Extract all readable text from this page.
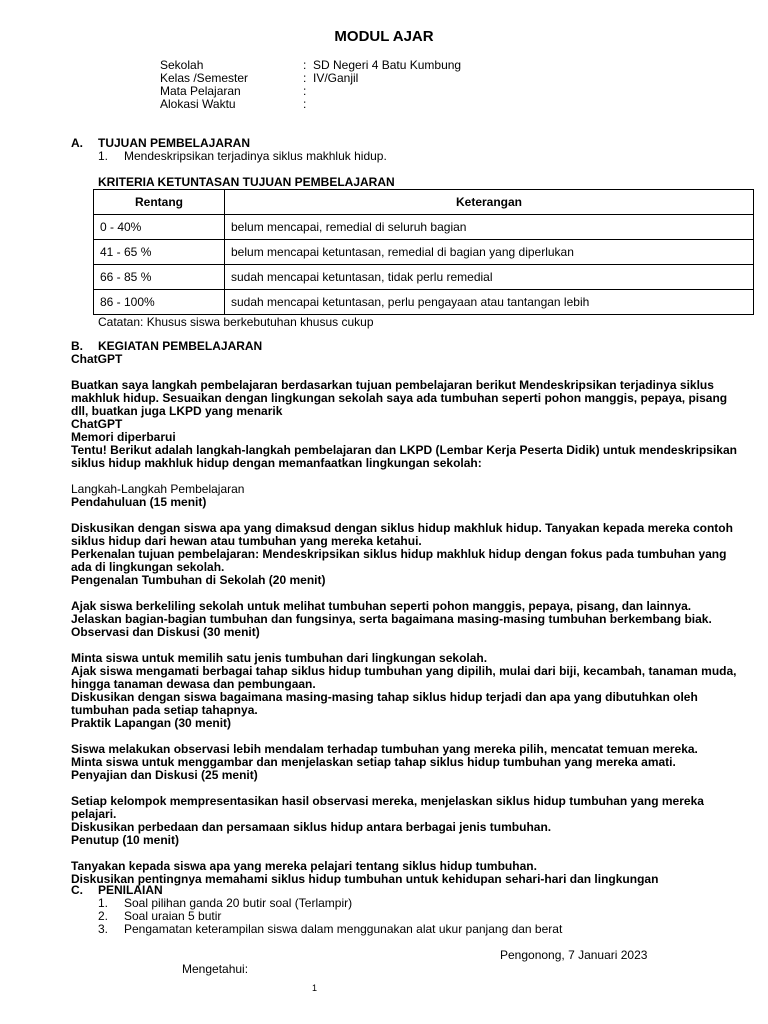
MODUL AJAR
Sekolah	: SD Negeri 4 Batu Kumbung
Kelas /Semester	: IV/Ganjil
Mata Pelajaran	:
Alokasi Waktu	:
A.	TUJUAN PEMBELAJARAN
1.	Mendeskripsikan terjadinya siklus makhluk hidup.
KRITERIA KETUNTASAN TUJUAN PEMBELAJARAN
Rentang	Keterangan
0 - 40%	belum mencapai, remedial di seluruh bagian
41 - 65 %	belum mencapai ketuntasan, remedial di bagian yang diperlukan
66 - 85 %	sudah mencapai ketuntasan, tidak perlu remedial
86 - 100%	sudah mencapai ketuntasan, perlu pengayaan atau tantangan lebih
Catatan: Khusus siswa berkebutuhan khusus cukup
B.	KEGIATAN PEMBELAJARAN

ChatGPT

Buatkan saya langkah pembelajaran berdasarkan tujuan pembelajaran berikut Mendeskripsikan terjadinya siklus makhluk hidup. Sesuaikan dengan lingkungan sekolah saya ada tumbuhan seperti pohon manggis, pepaya, pisang dll, buatkan juga LKPD yang menarik

ChatGPT

Memori diperbarui

Tentu! Berikut adalah langkah-langkah pembelajaran dan LKPD (Lembar Kerja Peserta Didik) untuk mendeskripsikan siklus hidup makhluk hidup dengan memanfaatkan lingkungan sekolah:

Langkah-Langkah Pembelajaran

Pendahuluan (15 menit)

Diskusikan dengan siswa apa yang dimaksud dengan siklus hidup makhluk hidup. Tanyakan kepada mereka contoh siklus hidup dari hewan atau tumbuhan yang mereka ketahui.

Perkenalan tujuan pembelajaran: Mendeskripsikan siklus hidup makhluk hidup dengan fokus pada tumbuhan yang ada di lingkungan sekolah.

Pengenalan Tumbuhan di Sekolah (20 menit)

Ajak siswa berkeliling sekolah untuk melihat tumbuhan seperti pohon manggis, pepaya, pisang, dan lainnya.

Jelaskan bagian-bagian tumbuhan dan fungsinya, serta bagaimana masing-masing tumbuhan berkembang biak.

Observasi dan Diskusi (30 menit)

Minta siswa untuk memilih satu jenis tumbuhan dari lingkungan sekolah.

Ajak siswa mengamati berbagai tahap siklus hidup tumbuhan yang dipilih, mulai dari biji, kecambah, tanaman muda, hingga tanaman dewasa dan pembungaan.

Diskusikan dengan siswa bagaimana masing-masing tahap siklus hidup terjadi dan apa yang dibutuhkan oleh tumbuhan pada setiap tahapnya.

Praktik Lapangan (30 menit)

Siswa melakukan observasi lebih mendalam terhadap tumbuhan yang mereka pilih, mencatat temuan mereka.

Minta siswa untuk menggambar dan menjelaskan setiap tahap siklus hidup tumbuhan yang mereka amati.

Penyajian dan Diskusi (25 menit)

Setiap kelompok mempresentasikan hasil observasi mereka, menjelaskan siklus hidup tumbuhan yang mereka pelajari.

Diskusikan perbedaan dan persamaan siklus hidup antara berbagai jenis tumbuhan.

Penutup (10 menit)

Tanyakan kepada siswa apa yang mereka pelajari tentang siklus hidup tumbuhan.

Diskusikan pentingnya memahami siklus hidup tumbuhan untuk kehidupan sehari-hari dan lingkungan

C.	PENILAIAN
1.	Soal pilihan ganda 20 butir soal (Terlampir)
2.	Soal uraian 5 butir
3.	Pengamatan keterampilan siswa dalam menggunakan alat ukur panjang dan berat
Pengonong, 7 Januari 2023
Mengetahui:
1
